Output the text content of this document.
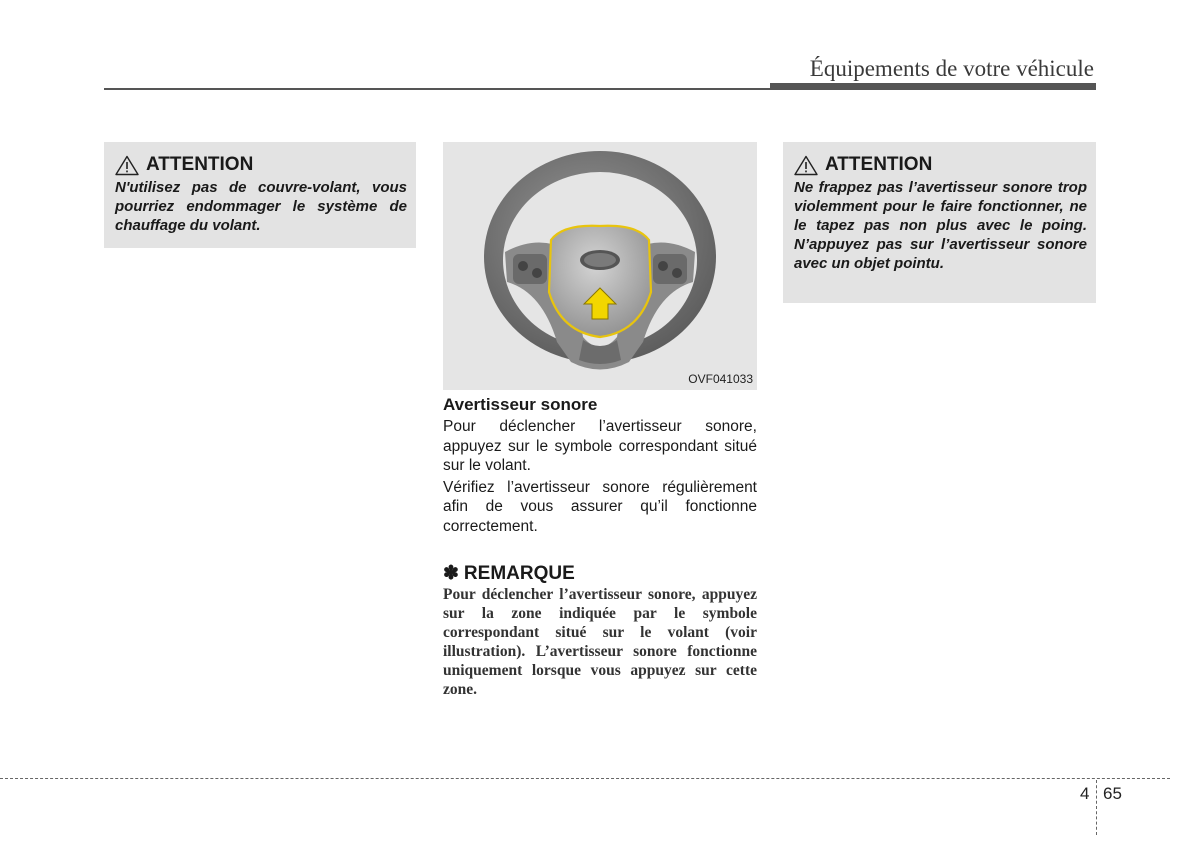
Équipements de votre véhicule
ATTENTION
N'utilisez pas de couvre-volant, vous pourriez endommager le système de chauffage du volant.
OVF041033
Avertisseur sonore

Pour déclencher l’avertisseur sonore, appuyez sur le symbole correspondant situé sur le volant.

Vérifiez l’avertisseur sonore régulièrement afin de vous assurer qu’il fonctionne correctement.

✽ REMARQUE
Pour déclencher l’avertisseur sonore, appuyez sur la zone indiquée par le symbole correspondant situé sur le volant (voir illustration). L’avertisseur sonore fonctionne uniquement lorsque vous appuyez sur cette zone.
ATTENTION
Ne frappez pas l’avertisseur sonore trop violemment pour le faire fonctionner, ne le tapez pas non plus avec le poing. N’appuyez pas sur l’avertisseur sonore avec un objet pointu.
4 65
